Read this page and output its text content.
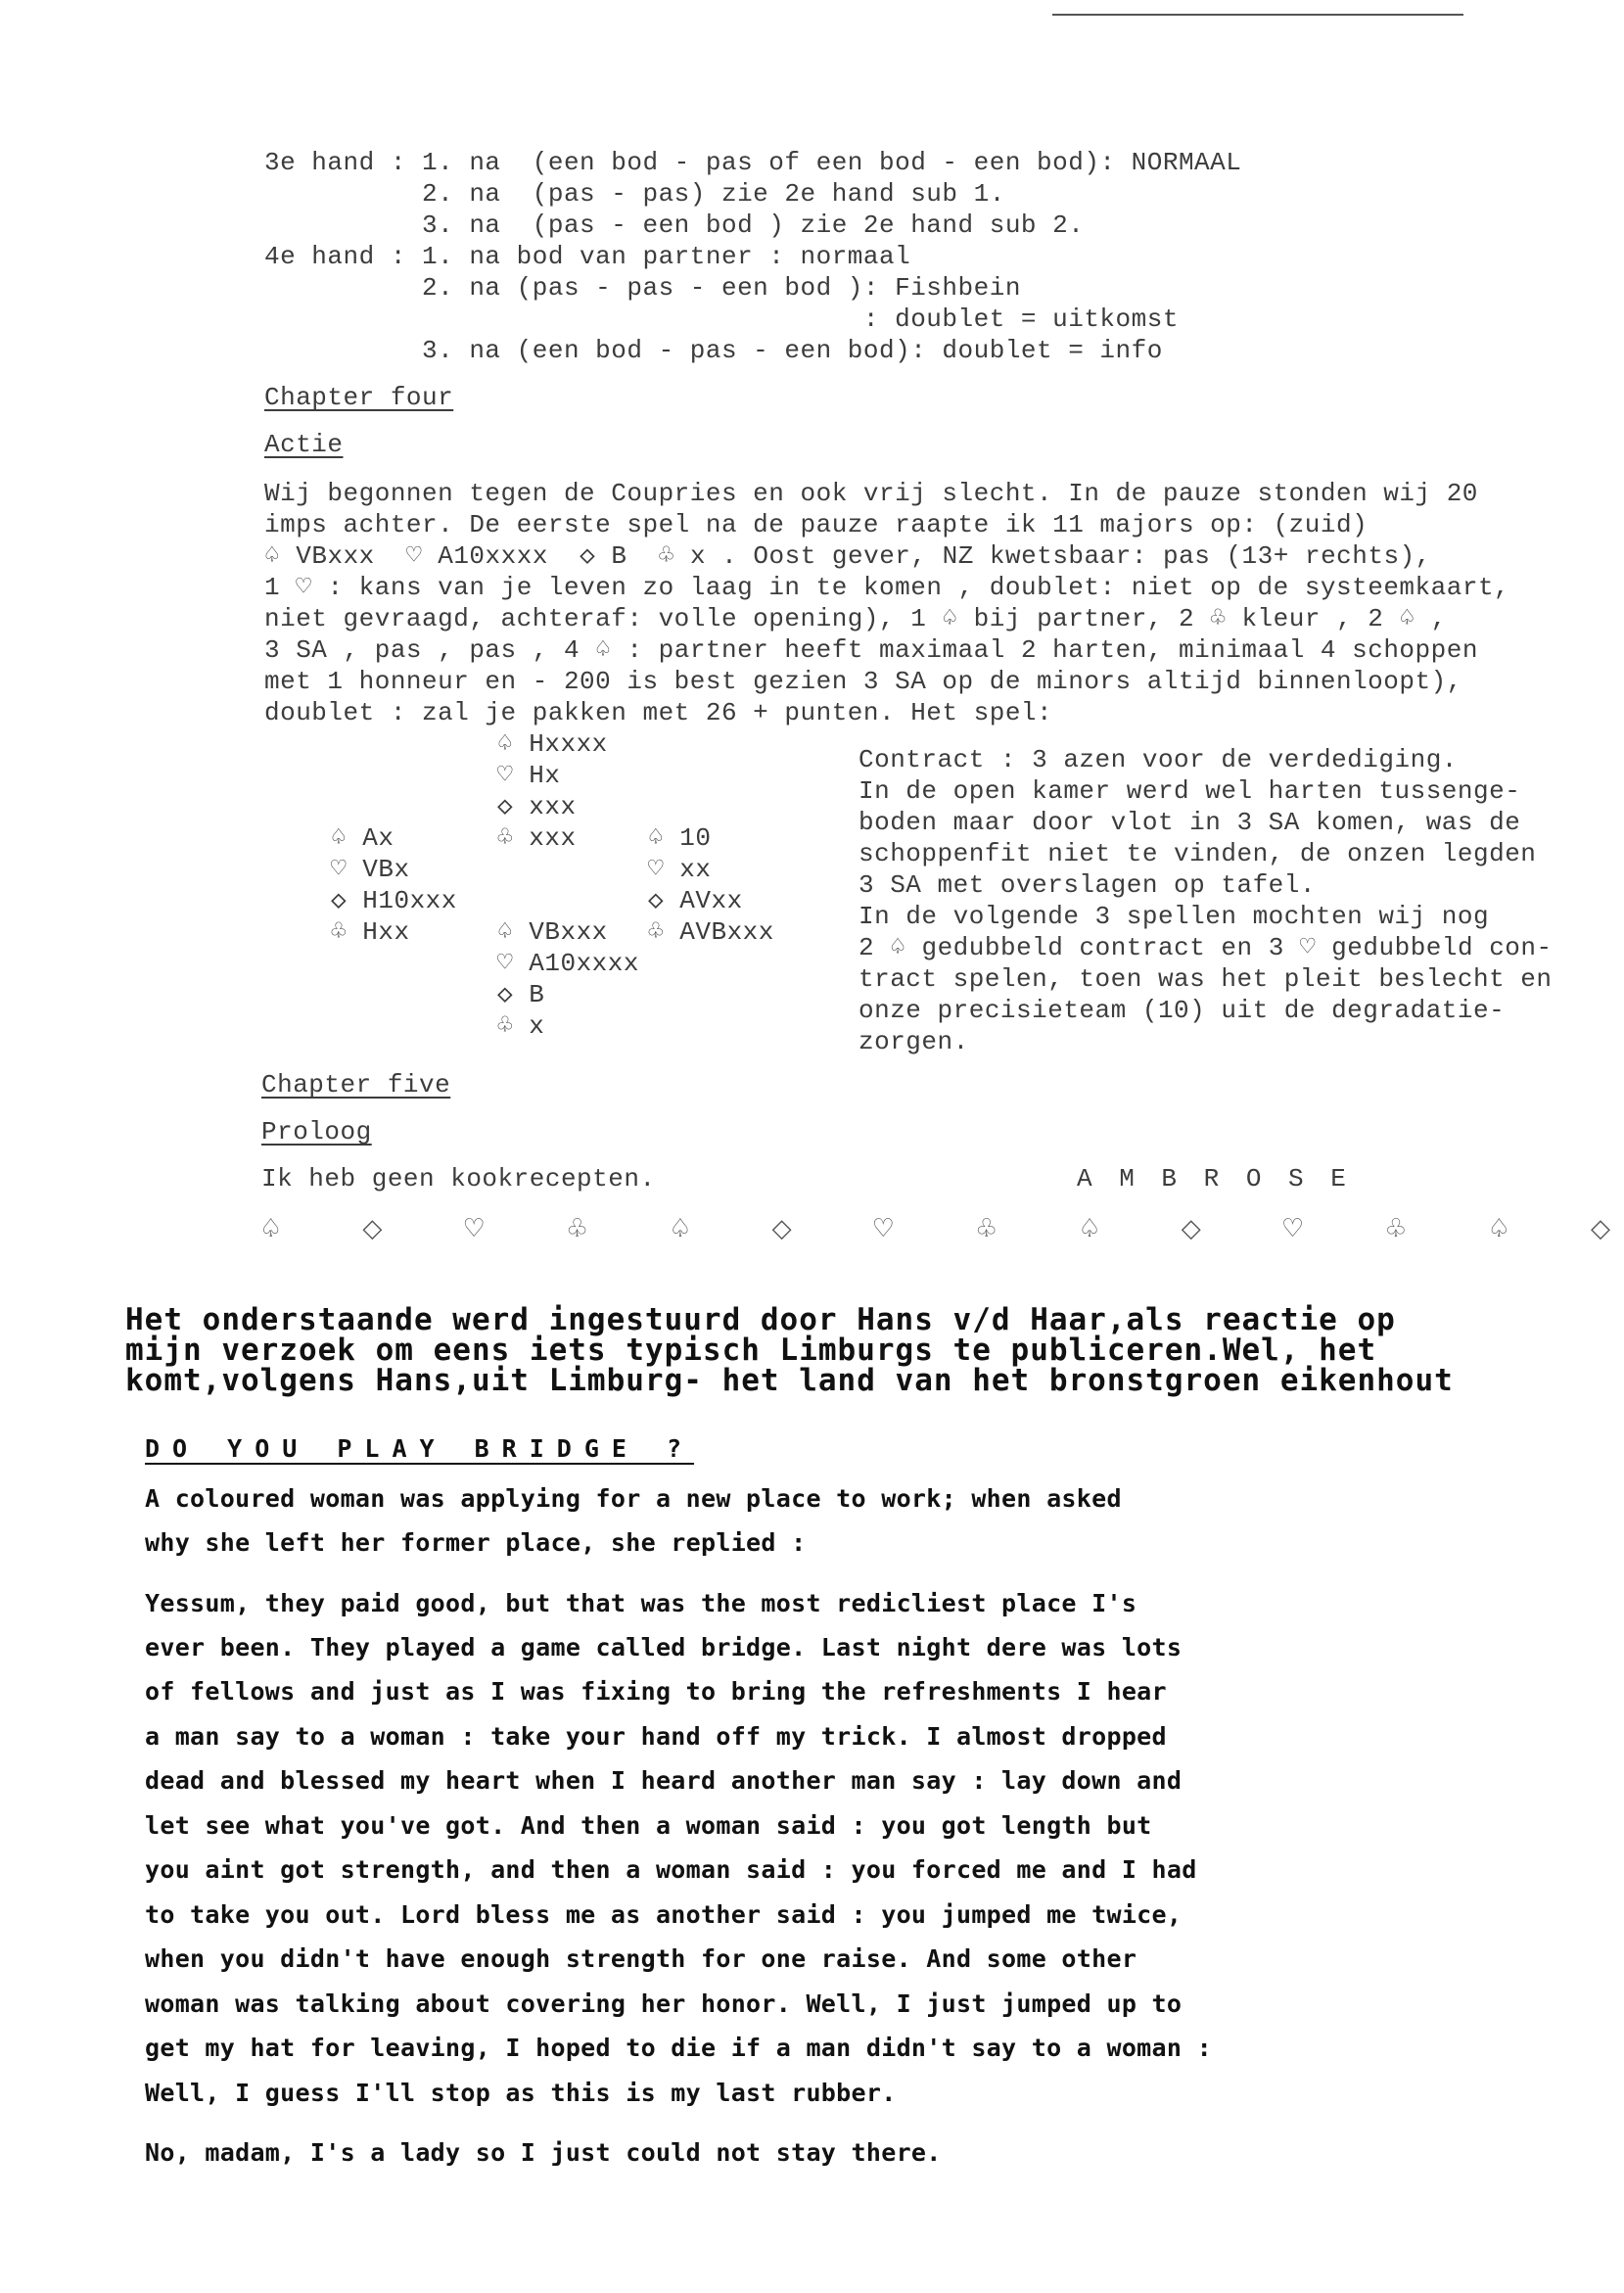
3e hand : 1. na  (een bod - pas of een bod - een bod): NORMAAL
2. na  (pas - pas) zie 2e hand sub 1.
3. na  (pas - een bod ) zie 2e hand sub 2.
4e hand : 1. na bod van partner : normaal
2. na (pas - pas - een bod ): Fishbein
: doublet = uitkomst
3. na (een bod - pas - een bod): doublet = info
Chapter four
Actie
Wij begonnen tegen de Coupries en ook vrij slecht. In de pauze stonden wij 20
imps achter. De eerste spel na de pauze raapte ik 11 majors op: (zuid)
♤ VBxxx  ♡ A10xxxx  ◇ B  ♧ x . Oost gever, NZ kwetsbaar: pas (13+ rechts),
1 ♡ : kans van je leven zo laag in te komen , doublet: niet op de systeemkaart,
niet gevraagd, achteraf: volle opening), 1 ♤ bij partner, 2 ♧ kleur , 2 ♤ ,
3 SA , pas , pas , 4 ♤ : partner heeft maximaal 2 harten, minimaal 4 schoppen
met 1 honneur en - 200 is best gezien 3 SA op de minors altijd binnenloopt),
doublet : zal je pakken met 26 + punten. Het spel:
♤ Hxxxx
♡ Hx
◇ xxx
♧ xxx
♤ Ax
♡ VBx
◇ H10xxx
♧ Hxx
♤ 10
♡ xx
◇ AVxx
♧ AVBxxx
♤ VBxxx
♡ A10xxxx
◇ B
♧ x
Contract : 3 azen voor de verdediging.
In de open kamer werd wel harten tussenge-
boden maar door vlot in 3 SA komen, was de
schoppenfit niet te vinden, de onzen legden
3 SA met overslagen op tafel.
In de volgende 3 spellen mochten wij nog
2 ♤ gedubbeld contract en 3 ♡ gedubbeld con-
tract spelen, toen was het pleit beslecht en
onze precisieteam (10) uit de degradatie-
zorgen.
Chapter five
Proloog
Ik heb geen kookrecepten.	A M B R O S E
♤	◇	♡	♧	♤	◇	♡	♧	♤	◇	♡	♧	♤	◇
Het onderstaande werd ingestuurd door Hans v/d Haar,als reactie op
mijn verzoek om eens iets typisch Limburgs te publiceren.Wel, het
komt,volgens Hans,uit Limburg- het land van het bronstgroen eikenhout
DO YOU PLAY BRIDGE ?
A coloured woman was applying for a new place to work; when asked
why she left her former place, she replied :
Yessum, they paid good, but that was the most redicliest place I's
ever been. They played a game called bridge. Last night dere was lots
of fellows and just as I was fixing to bring the refreshments I hear
a man say to a woman : take your hand off my trick. I almost dropped
dead and blessed my heart when I heard another man say : lay down and
let see what you've got. And then a woman said : you got length but
you aint got strength, and then a woman said : you forced me and I had
to take you out. Lord bless me as another said : you jumped me twice,
when you didn't have enough strength for one raise. And some other
woman was talking about covering her honor. Well, I just jumped up to
get my hat for leaving, I hoped to die if a man didn't say to a woman :
Well, I guess I'll stop as this is my last rubber.
No, madam, I's a lady so I just could not stay there.
